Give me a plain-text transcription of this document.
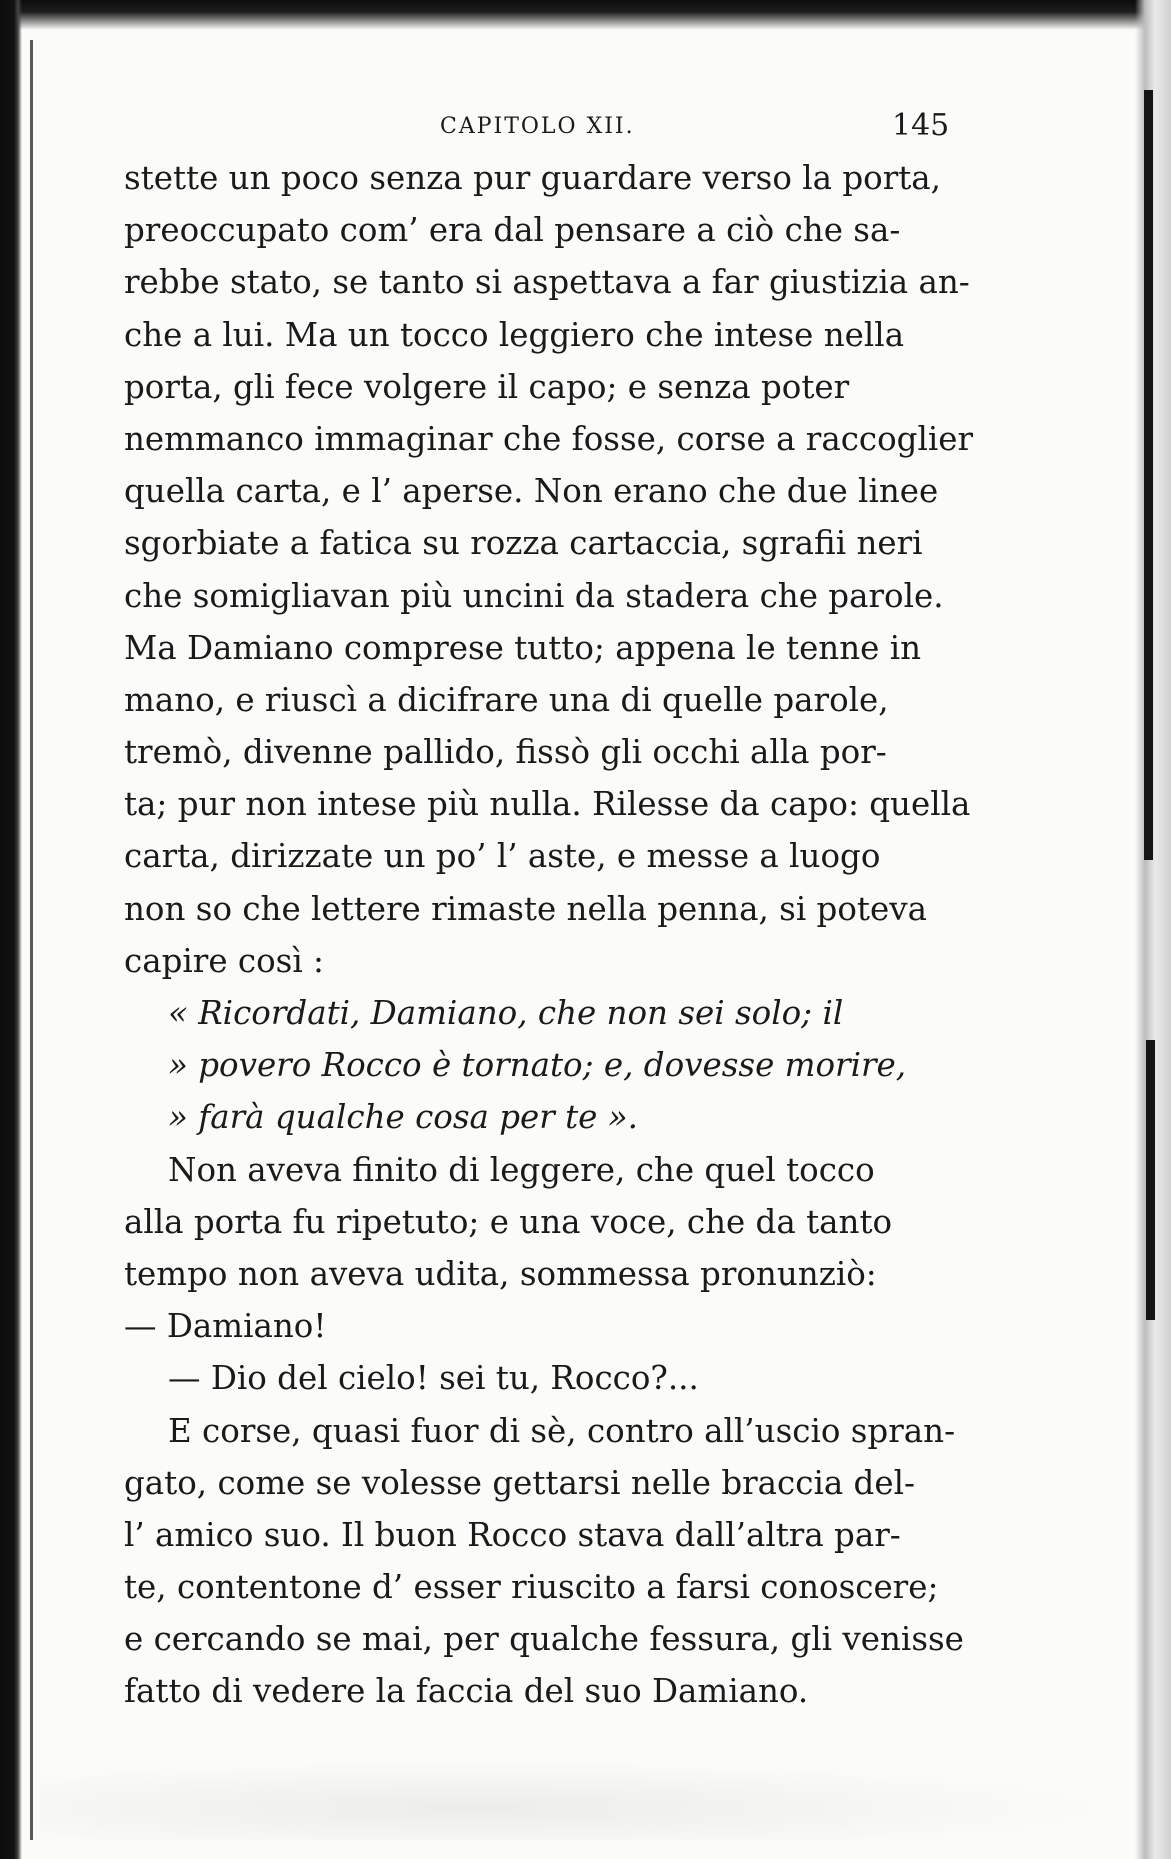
CAPITOLO XII.	145
stette un poco senza pur guardare verso la porta,
preoccupato com’ era dal pensare a ciò che sa-
rebbe stato, se tanto si aspettava a far giustizia an-
che a lui. Ma un tocco leggiero che intese nella
porta, gli fece volgere il capo; e senza poter
nemmanco immaginar che fosse, corse a raccoglier
quella carta, e l’ aperse. Non erano che due linee
sgorbiate a fatica su rozza cartaccia, sgrafii neri
che somigliavan più uncini da stadera che parole.
Ma Damiano comprese tutto; appena le tenne in
mano, e riuscì a dicifrare una di quelle parole,
tremò, divenne pallido, fissò gli occhi alla por-
ta; pur non intese più nulla. Rilesse da capo: quella
carta, dirizzate un po’ l’ aste, e messe a luogo
non so che lettere rimaste nella penna, si poteva
capire così :
« Ricordati, Damiano, che non sei solo; il
» povero Rocco è tornato; e, dovesse morire,
» farà qualche cosa per te ».
Non aveva finito di leggere, che quel tocco
alla porta fu ripetuto; e una voce, che da tanto
tempo non aveva udita, sommessa pronunziò:
— Damiano!
— Dio del cielo! sei tu, Rocco?...
E corse, quasi fuor di sè, contro all’uscio spran-
gato, come se volesse gettarsi nelle braccia del-
l’ amico suo. Il buon Rocco stava dall’altra par-
te, contentone d’ esser riuscito a farsi conoscere;
e cercando se mai, per qualche fessura, gli venisse
fatto di vedere la faccia del suo Damiano.
